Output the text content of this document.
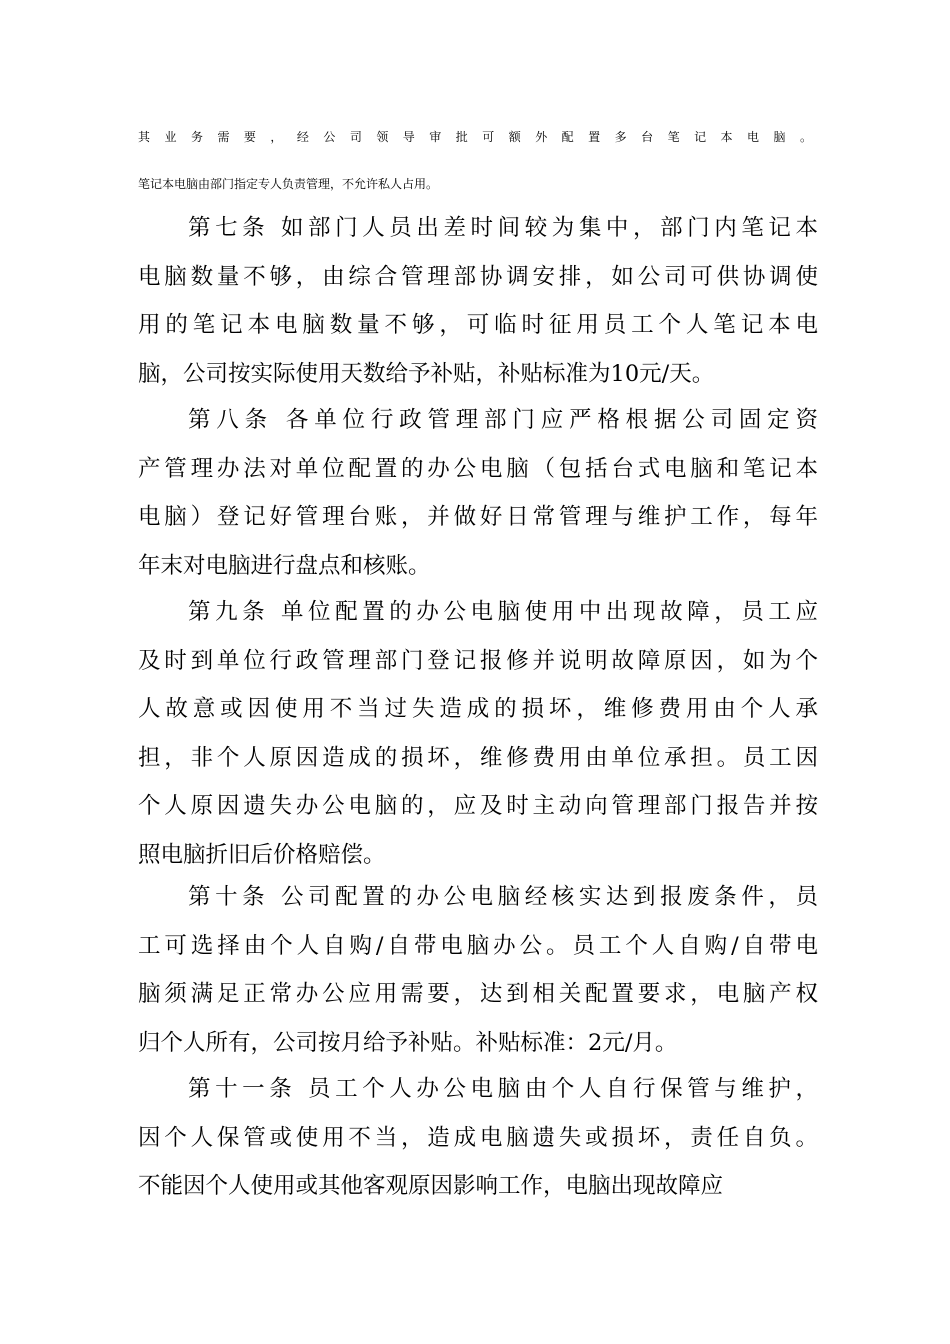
其业务需要，经公司领导审批可额外配置多台笔记本电脑。
笔记本电脑由部门指定专人负责管理，不允许私人占用。
第七条 如部门人员出差时间较为集中，部门内笔记本
电脑数量不够，由综合管理部协调安排，如公司可供协调使
用的笔记本电脑数量不够，可临时征用员工个人笔记本电
脑，公司按实际使用天数给予补贴，补贴标准为10元/天。
第八条 各单位行政管理部门应严格根据公司固定资
产管理办法对单位配置的办公电脑（包括台式电脑和笔记本
电脑）登记好管理台账，并做好日常管理与维护工作，每年
年末对电脑进行盘点和核账。
第九条 单位配置的办公电脑使用中出现故障，员工应
及时到单位行政管理部门登记报修并说明故障原因，如为个
人故意或因使用不当过失造成的损坏，维修费用由个人承
担，非个人原因造成的损坏，维修费用由单位承担。员工因
个人原因遗失办公电脑的，应及时主动向管理部门报告并按
照电脑折旧后价格赔偿。
第十条 公司配置的办公电脑经核实达到报废条件，员
工可选择由个人自购/自带电脑办公。员工个人自购/自带电
脑须满足正常办公应用需要，达到相关配置要求，电脑产权
归个人所有，公司按月给予补贴。补贴标准：2元/月。
第十一条 员工个人办公电脑由个人自行保管与维护，
因个人保管或使用不当，造成电脑遗失或损坏，责任自负。
不能因个人使用或其他客观原因影响工作，电脑出现故障应
